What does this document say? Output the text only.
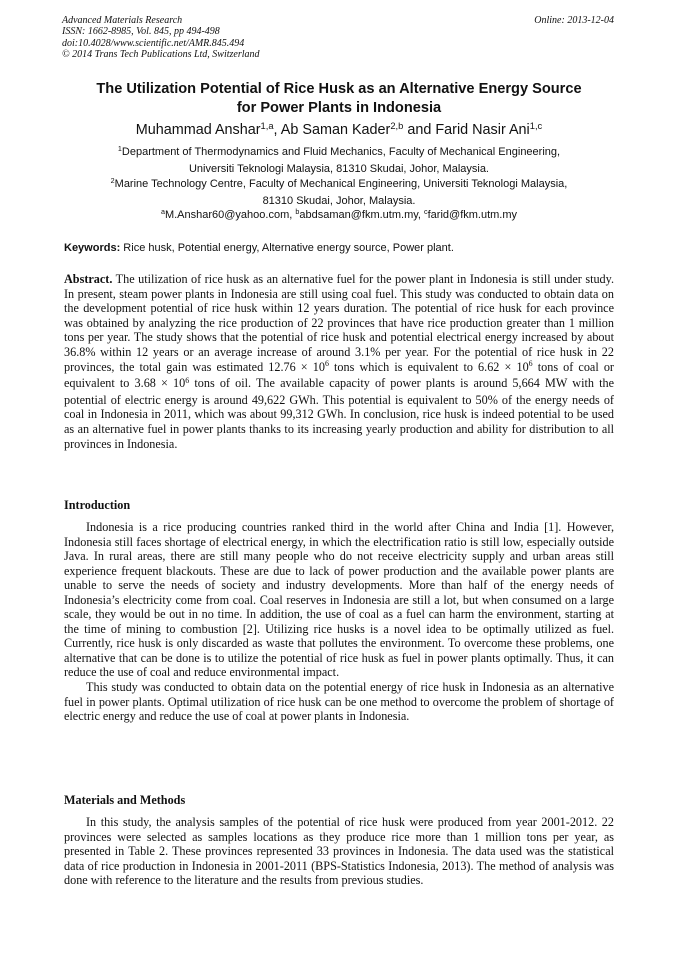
Advanced Materials Research
ISSN: 1662-8985, Vol. 845, pp 494-498
doi:10.4028/www.scientific.net/AMR.845.494
© 2014 Trans Tech Publications Ltd, Switzerland
Online: 2013-12-04
The Utilization Potential of Rice Husk as an Alternative Energy Source
for Power Plants in Indonesia
Muhammad Anshar$^{1,a}$, Ab Saman Kader$^{2,b}$ and Farid Nasir Ani$^{1,c}$
$^1$Department of Thermodynamics and Fluid Mechanics, Faculty of Mechanical Engineering,
Universiti Teknologi Malaysia, 81310 Skudai, Johor, Malaysia.
$^2$Marine Technology Centre, Faculty of Mechanical Engineering, Universiti Teknologi Malaysia,
81310 Skudai, Johor, Malaysia.
$^a$M.Anshar60@yahoo.com, $^b$abdsaman@fkm.utm.my, $^c$farid@fkm.utm.my
Keywords: Rice husk, Potential energy, Alternative energy source, Power plant.
Abstract. The utilization of rice husk as an alternative fuel for the power plant in Indonesia is still under study. In present, steam power plants in Indonesia are still using coal fuel. This study was conducted to obtain data on the development potential of rice husk within 12 years duration. The potential of rice husk for each province was obtained by analyzing the rice production of 22 provinces that have rice production greater than 1 million tons per year. The study shows that the potential of rice husk and potential electrical energy increased by about 36.8% within 12 years or an average increase of around 3.1% per year. For the potential of rice husk in 22 provinces, the total gain was estimated $12.76 \times 10^6$ tons which is equivalent to $6.62 \times 10^6$ tons of coal or equivalent to $3.68 \times 10^6$ tons of oil. The available capacity of power plants is around 5,664 MW with the potential of electric energy is around 49,622 GWh. This potential is equivalent to 50% of the energy needs of coal in Indonesia in 2011, which was about 99,312 GWh. In conclusion, rice husk is indeed potential to be used as an alternative fuel in power plants thanks to its increasing yearly production and ability for distribution to all provinces in Indonesia.
Introduction

Indonesia is a rice producing countries ranked third in the world after China and India [1]. However, Indonesia still faces shortage of electrical energy, in which the electrification ratio is still low, especially outside Java. In rural areas, there are still many people who do not receive electricity supply and urban areas still experience frequent blackouts. These are due to lack of power production and the available power plants are unable to serve the needs of society and industry developments. More than half of the energy needs of Indonesia’s electricity come from coal. Coal reserves in Indonesia are still a lot, but when consumed on a large scale, they would be out in no time. In addition, the use of coal as a fuel can harm the environment, starting at the time of mining to combustion [2]. Utilizing rice husks is a novel idea to be optimally utilized as fuel. Currently, rice husk is only discarded as waste that pollutes the environment. To overcome these problems, one alternative that can be done is to utilize the potential of rice husk as fuel in power plants optimally. Thus, it can reduce the use of coal and reduce environmental impact.

This study was conducted to obtain data on the potential energy of rice husk in Indonesia as an alternative fuel in power plants. Optimal utilization of rice husk can be one method to overcome the problem of shortage of electric energy and reduce the use of coal at power plants in Indonesia.

Materials and Methods

In this study, the analysis samples of the potential of rice husk were produced from year 2001-2012. 22 provinces were selected as samples locations as they produce rice more than 1 million tons per year, as presented in Table 2. These provinces represented 33 provinces in Indonesia. The data used was the statistical data of rice production in Indonesia in 2001-2011 (BPS-Statistics Indonesia, 2013). The method of analysis was done with reference to the literature and the results from previous studies.
